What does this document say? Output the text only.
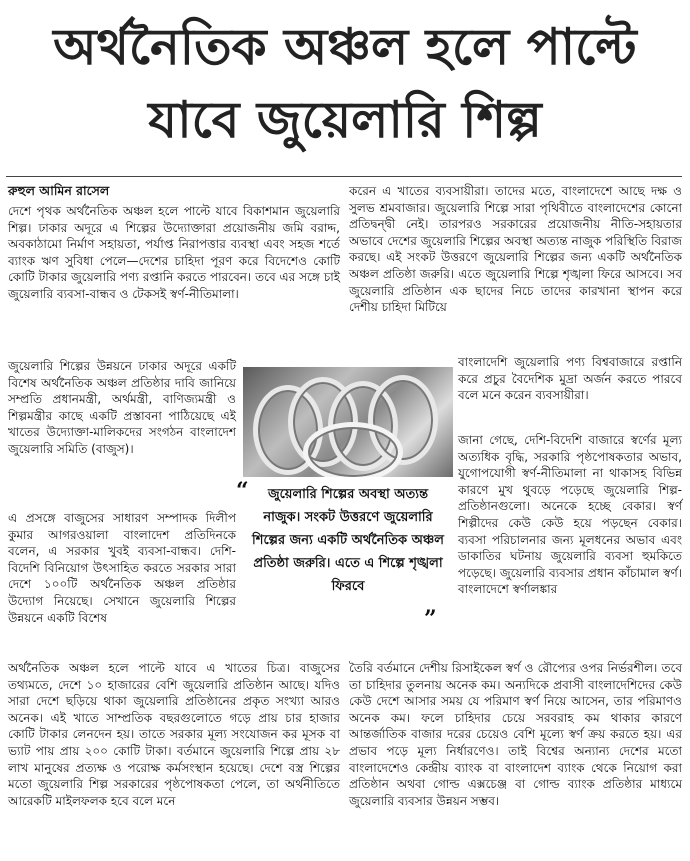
অর্থনৈতিক অঞ্চল হলে পাল্টে
যাবে জুয়েলারি শিল্প
রুহুল আমিন রাসেল

দেশে পৃথক অর্থনৈতিক অঞ্চল হলে পাল্টে যাবে বিকাশমান জুয়েলারি শিল্প। ঢাকার অদূরে এ শিল্পের উদ্যোক্তারা প্রয়োজনীয় জমি বরাদ্দ, অবকাঠামো নির্মাণ সহায়তা, পর্যাপ্ত নিরাপত্তার ব্যবস্থা এবং সহজ শর্তে ব্যাংক ঋণ সুবিধা পেলে—দেশের চাহিদা পূরণ করে বিদেশেও কোটি কোটি টাকার জুয়েলারি পণ্য রপ্তানি করতে পারবেন। তবে এর সঙ্গে চাই জুয়েলারি ব্যবসা-বান্ধব ও টেকসই স্বর্ণ-নীতিমালা।

জুয়েলারি শিল্পের উন্নয়নে ঢাকার অদূরে একটি বিশেষ অর্থনৈতিক অঞ্চল প্রতিষ্ঠার দাবি জানিয়ে সম্প্রতি প্রধানমন্ত্রী, অর্থমন্ত্রী, বাণিজ্যমন্ত্রী ও শিল্পমন্ত্রীর কাছে একটি প্রস্তাবনা পাঠিয়েছে এই খাতের উদ্যোক্তা-মালিকদের সংগঠন বাংলাদেশ জুয়েলারি সমিতি (বাজুস)।

এ প্রসঙ্গে বাজুসের সাধারণ সম্পাদক দিলীপ কুমার আগরওয়ালা বাংলাদেশ প্রতিদিনকে বলেন, এ সরকার খুবই ব্যবসা-বান্ধব। দেশি-বিদেশি বিনিয়োগ উৎসাহিত করতে সরকার সারা দেশে ১০০টি অর্থনৈতিক অঞ্চল প্রতিষ্ঠার উদ্যোগ নিয়েছে। সেখানে জুয়েলারি শিল্পের উন্নয়নে একটি বিশেষ

অর্থনৈতিক অঞ্চল হলে পাল্টে যাবে এ খাতের চিত্র। বাজুসের তথ্যমতে, দেশে ১০ হাজারের বেশি জুয়েলারি প্রতিষ্ঠান আছে। যদিও সারা দেশে ছড়িয়ে থাকা জুয়েলারি প্রতিষ্ঠানের প্রকৃত সংখ্যা আরও অনেক। এই খাতে সাম্প্রতিক বছরগুলোতে গড়ে প্রায় চার হাজার কোটি টাকার লেনদেন হয়। তাতে সরকার মূল্য সংযোজন কর মূসক বা ভ্যাট পায় প্রায় ২০০ কোটি টাকা। বর্তমানে জুয়েলারি শিল্পে প্রায় ২৮ লাখ মানুষের প্রত্যক্ষ ও পরোক্ষ কর্মসংস্থান হয়েছে। দেশে বস্ত্র শিল্পের মতো জুয়েলারি শিল্প সরকারের পৃষ্ঠপোষকতা পেলে, তা অর্থনীতিতে আরেকটি মাইলফলক হবে বলে মনে

করেন এ খাতের ব্যবসায়ীরা। তাদের মতে, বাংলাদেশে আছে দক্ষ ও সুলভ শ্রমবাজার। জুয়েলারি শিল্পে সারা পৃথিবীতে বাংলাদেশের কোনো প্রতিদ্বন্দ্বী নেই। তারপরও সরকারের প্রয়োজনীয় নীতি-সহায়তার অভাবে দেশের জুয়েলারি শিল্পের অবস্থা অত্যন্ত নাজুক পরিস্থিতি বিরাজ করছে। এই সংকট উত্তরণে জুয়েলারি শিল্পের জন্য একটি অর্থনৈতিক অঞ্চল প্রতিষ্ঠা জরুরি। এতে জুয়েলারি শিল্পে শৃঙ্খলা ফিরে আসবে। সব জুয়েলারি প্রতিষ্ঠান এক ছাদের নিচে তাদের কারখানা স্থাপন করে দেশীয় চাহিদা মিটিয়ে

বাংলাদেশি জুয়েলারি পণ্য বিশ্ববাজারে রপ্তানি করে প্রচুর বৈদেশিক মুদ্রা অর্জন করতে পারবে বলে মনে করেন ব্যবসায়ীরা।

জানা গেছে, দেশি-বিদেশি বাজারে স্বর্ণের মূল্য অত্যধিক বৃদ্ধি, সরকারি পৃষ্ঠপোষকতার অভাব, যুগোপযোগী স্বর্ণ-নীতিমালা না থাকাসহ বিভিন্ন কারণে মুখ থুবড়ে পড়েছে জুয়েলারি শিল্প-প্রতিষ্ঠানগুলো। অনেকে হচ্ছে বেকার। স্বর্ণ শিল্পীদের কেউ কেউ হয়ে পড়ছেন বেকার। ব্যবসা পরিচালনার জন্য মূলধনের অভাব এবং ডাকাতির ঘটনায় জুয়েলারি ব্যবসা হুমকিতে পড়েছে। জুয়েলারি ব্যবসার প্রধান কাঁচামাল স্বর্ণ। বাংলাদেশে স্বর্ণালঙ্কার

তৈরি বর্তমানে দেশীয় রিসাইকেল স্বর্ণ ও রৌপ্যের ওপর নির্ভরশীল। তবে তা চাহিদার তুলনায় অনেক কম। অন্যদিকে প্রবাসী বাংলাদেশিদের কেউ কেউ দেশে আসার সময় যে পরিমাণ স্বর্ণ নিয়ে আসেন, তার পরিমাণও অনেক কম। ফলে চাহিদার চেয়ে সরবরাহ কম থাকার কারণে আন্তর্জাতিক বাজার দরের চেয়েও বেশি মূল্যে স্বর্ণ ক্রয় করতে হয়। এর প্রভাব পড়ে মূল্য নির্ধারণেও। তাই বিশ্বের অন্যান্য দেশের মতো বাংলাদেশেও কেন্দ্রীয় ব্যাংক বা বাংলাদেশ ব্যাংক থেকে নিয়োগ করা প্রতিষ্ঠান অথবা গোল্ড এক্সচেঞ্জ বা গোল্ড ব্যাংক প্রতিষ্ঠার মাধ্যমে জুয়েলারি ব্যবসার উন্নয়ন সম্ভব।

“	জুয়েলারি শিল্পের অবস্থা অত্যন্ত নাজুক। সংকট উত্তরণে জুয়েলারি শিল্পের জন্য একটি অর্থনৈতিক অঞ্চল প্রতিষ্ঠা জরুরি। এতে এ শিল্পে শৃঙ্খলা ফিরবে

”
